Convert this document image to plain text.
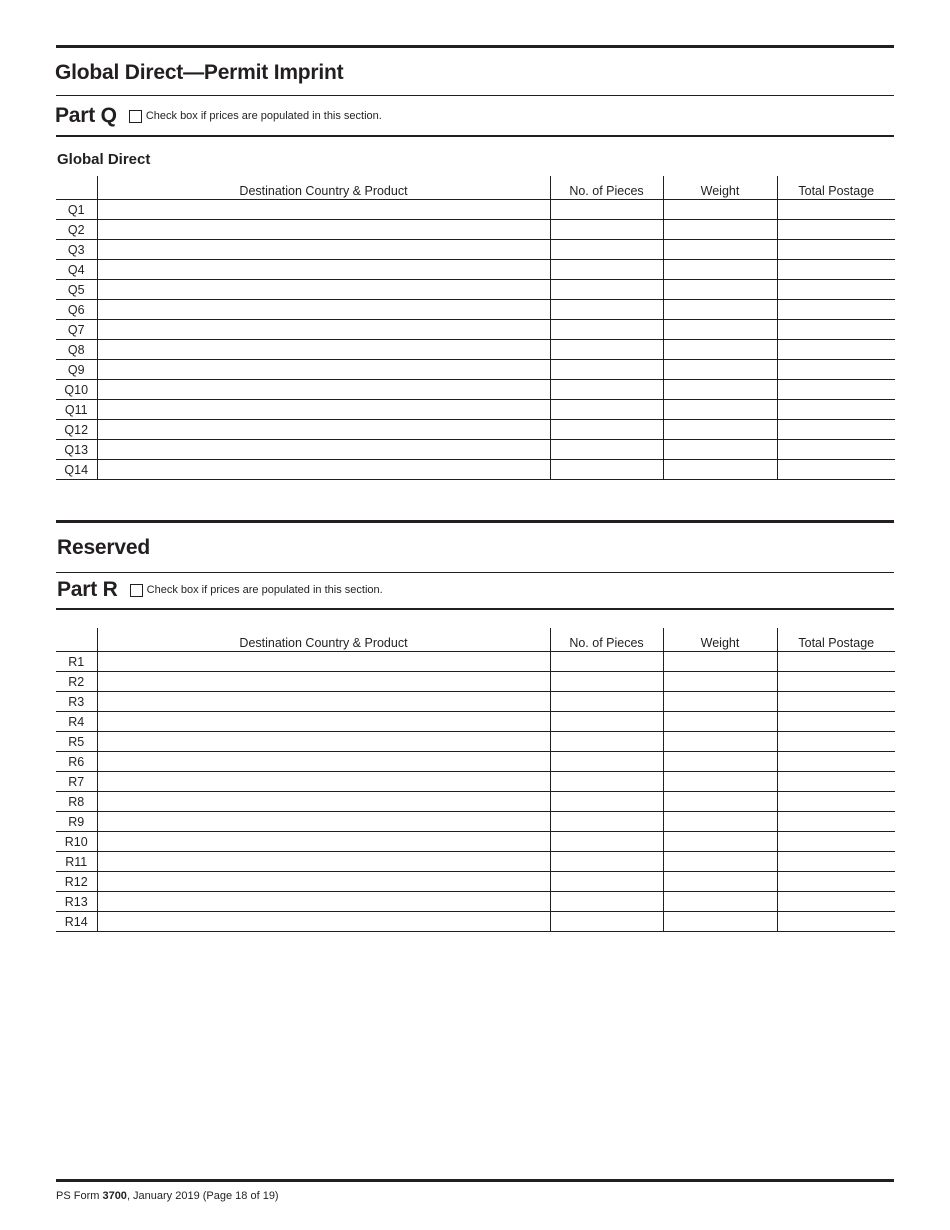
Global Direct—Permit Imprint
Part Q	Check box if prices are populated in this section.
Global Direct
	Destination Country & Product	No. of Pieces	Weight	Total Postage
Q1				
Q2				
Q3				
Q4				
Q5				
Q6				
Q7				
Q8				
Q9				
Q10				
Q11				
Q12				
Q13				
Q14				
Reserved
Part R	Check box if prices are populated in this section.
	Destination Country & Product	No. of Pieces	Weight	Total Postage
R1				
R2				
R3				
R4				
R5				
R6				
R7				
R8				
R9				
R10				
R11				
R12				
R13				
R14				
PS Form 3700, January 2019 (Page 18 of 19)
